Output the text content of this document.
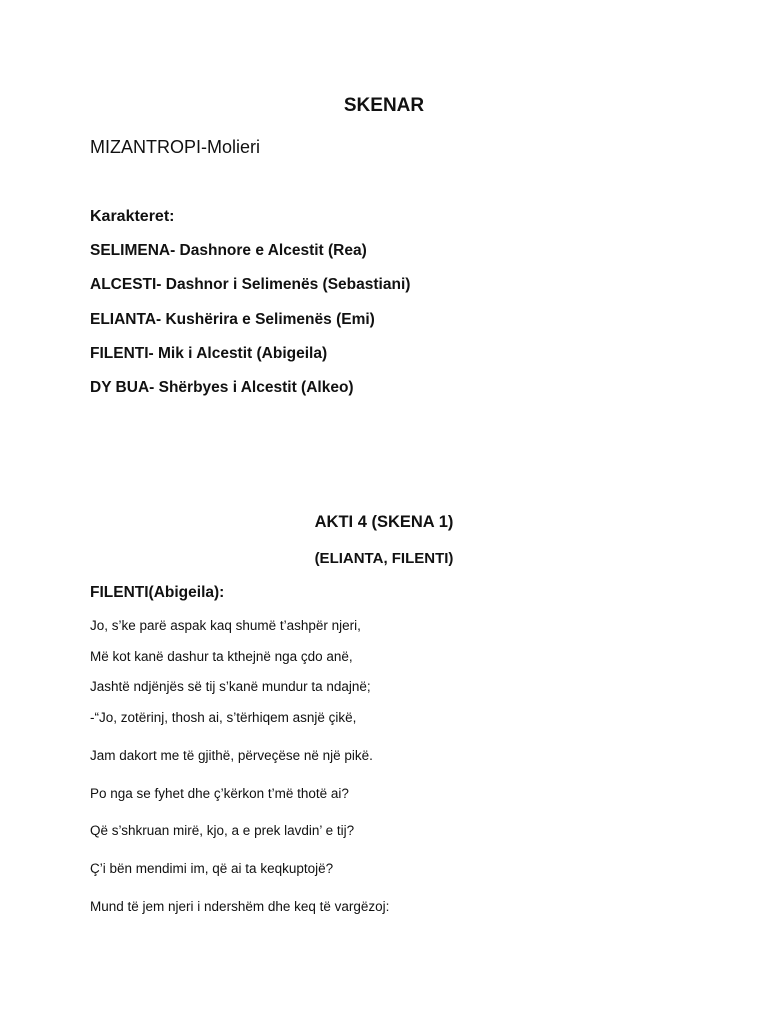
SKENAR
MIZANTROPI-Molieri
Karakteret:
SELIMENA- Dashnore e Alcestit (Rea)
ALCESTI- Dashnor i Selimenës (Sebastiani)
ELIANTA- Kushërira e Selimenës (Emi)
FILENTI- Mik i Alcestit (Abigeila)
DY BUA- Shërbyes i Alcestit (Alkeo)
AKTI 4 (SKENA 1)
(ELIANTA, FILENTI)
FILENTI(Abigeila):
Jo, s’ke parë aspak kaq shumë t’ashpër njeri,
Më kot kanë dashur ta kthejnë nga çdo anë,
Jashtë ndjënjës së tij s’kanë mundur ta ndajnë;
-“Jo, zotërinj, thosh ai, s’tërhiqem asnjë çikë,
Jam dakort me të gjithë, përveçëse në një pikë.
Po nga se fyhet dhe ç’kërkon t’më thotë ai?
Që s’shkruan mirë, kjo, a e prek lavdin’ e tij?
Ç’i bën mendimi im, që ai ta keqkuptojë?
Mund të jem njeri i ndershëm dhe keq të vargëzoj:
